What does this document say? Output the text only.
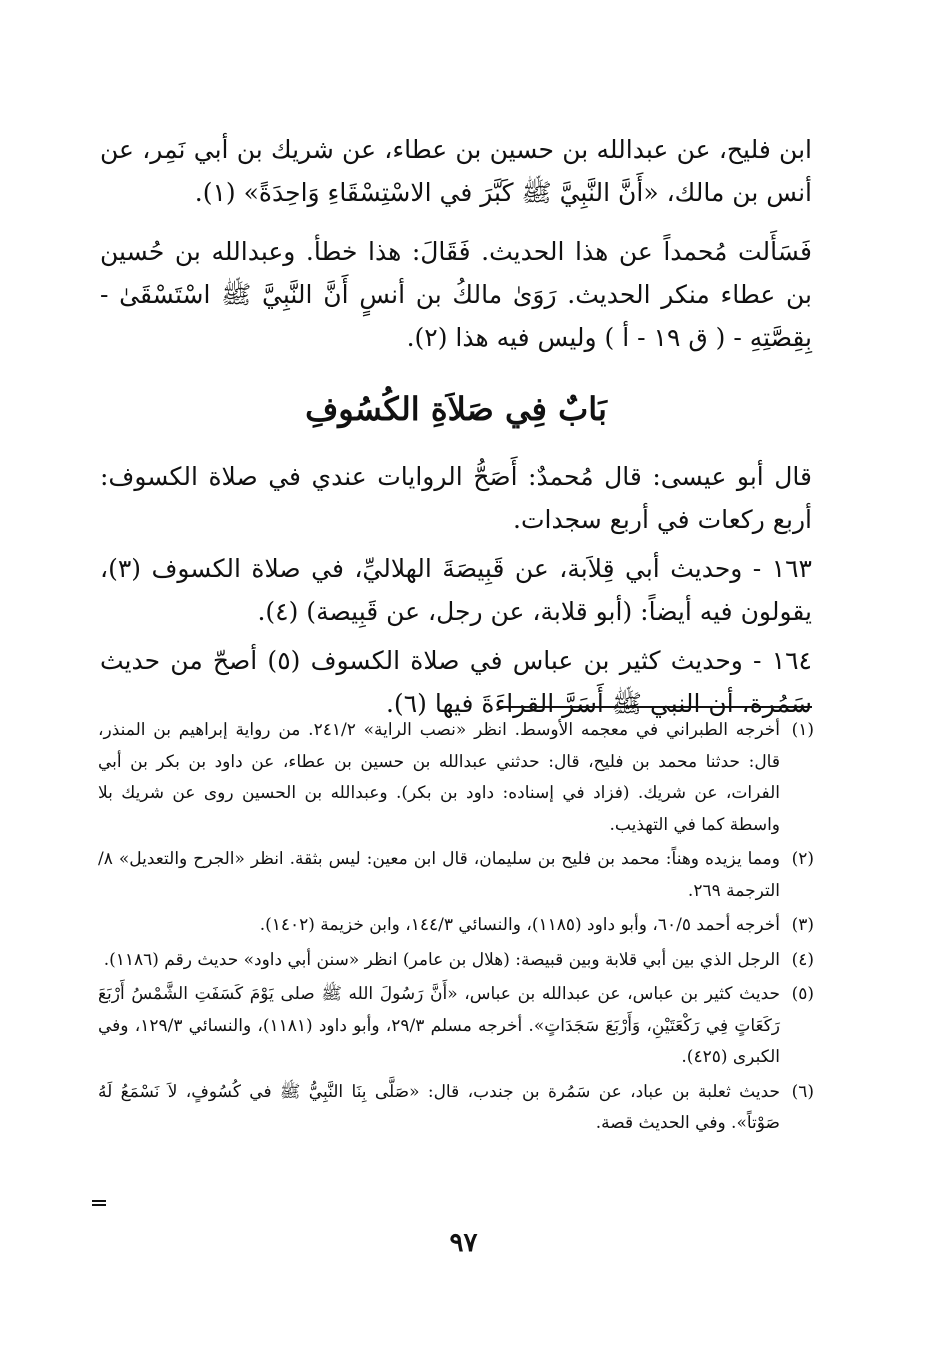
ابن فليح، عن عبدالله بن حسين بن عطاء، عن شريك بن أبي نَمِر، عن أنس بن مالك، «أَنَّ النَّبِيَّ ﷺ كَبَّرَ في الاسْتِسْقَاءِ وَاحِدَةً» (١).

فَسَأَلت مُحمداً عن هذا الحديث. فَقَالَ: هذا خطأ. وعبدالله بن حُسين بن عطاء منكر الحديث. رَوَىٰ مالكُ بن أنسٍ أَنَّ النَّبِيَّ ﷺ اسْتَسْقَىٰ - بِقِصَّتِهِ - ( ق ١٩ - أ ) وليس فيه هذا (٢).

بَابٌ فِي صَلاَةِ الكُسُوفِ

قال أبو عيسى: قال مُحمدٌ: أَصَحُّ الروايات عندي في صلاة الكسوف: أربع ركعات في أربع سجدات.

١٦٣ - وحديث أبي قِلاَبة، عن قَبِيصَةَ الهلاليِّ، في صلاة الكسوف (٣)، يقولون فيه أيضاً: (أبو قلابة، عن رجل، عن قَبِيصة) (٤).

١٦٤ - وحديث كثير بن عباس في صلاة الكسوف (٥) أصحّ من حديث سَمُرة، أن النبي ﷺ أَسَرَّ القراءَةَ فيها (٦).

(١)
أخرجه الطبراني في معجمه الأوسط. انظر «نصب الراية» ٢٤١/٢. من رواية إبراهيم بن المنذر، قال: حدثنا محمد بن فليح، قال: حدثني عبدالله بن حسين بن عطاء، عن داود بن بكر بن أبي الفرات، عن شريك. (فزاد في إسناده: داود بن بكر). وعبدالله بن الحسين روى عن شريك بلا واسطة كما في التهذيب.
(٢)
ومما يزيده وهناً: محمد بن فليح بن سليمان، قال ابن معين: ليس بثقة. انظر «الجرح والتعديل» ٨/ الترجمة ٢٦٩.
(٣)
أخرجه أحمد ٦٠/٥، وأبو داود (١١٨٥)، والنسائي ١٤٤/٣، وابن خزيمة (١٤٠٢).
(٤)
الرجل الذي بين أبي قلابة وبين قبيصة: (هلال بن عامر) انظر «سنن أبي داود» حديث رقم (١١٨٦).
(٥)
حديث كثير بن عباس، عن عبدالله بن عباس، «أَنَّ رَسُولَ الله ﷺ صلى يَوْمَ كَسَفَتِ الشَّمْسُ أَرْبَعَ رَكَعَاتٍ فِي رَكْعَتَيْنِ، وَأَرْبَعَ سَجَدَاتٍ». أخرجه مسلم ٢٩/٣، وأبو داود (١١٨١)، والنسائي ١٢٩/٣، وفي الكبرى (٤٢٥).
(٦)
حديث ثعلبة بن عباد، عن سَمُرة بن جندب، قال: «صَلَّى بِنَا النَّبِيُّ ﷺ في كُسُوفٍ، لاَ نَسْمَعُ لَهُ صَوْتاً». وفي الحديث قصة.
٩٧
